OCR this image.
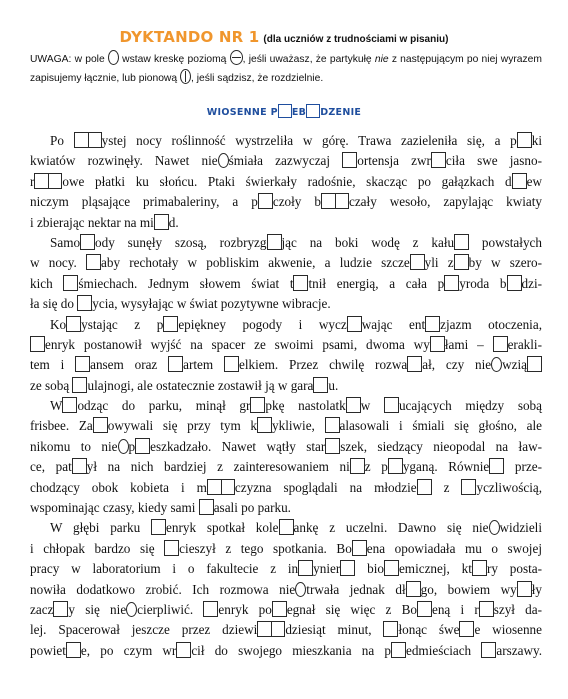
DYKTANDO NR 1 (dla uczniów z trudnościami w pisaniu)
UWAGA: w pole wstaw kreskę poziomą , jeśli uważasz, że partykułę nie z następującym po niej wyrazem zapisujemy łącznie, lub pionową , jeśli sądzisz, że rozdzielnie.
WIOSENNE P EB DZENIE
Po	ystej nocy roślinność wystrzeliła w górę. Trawa zazieleniła się, a p ki
kwiatów rozwinęły. Nawet nie śmiała zazwyczaj ortensja zwr ciła swe jasno-
r owe płatki ku słońcu. Ptaki świerkały radośnie, skacząc po gałązkach d ew
niczym pląsające primabaleriny, a p czoły b czały wesoło, zapylając kwiaty
i zbierając nektar na mi d.
Samo ody sunęły szosą, rozbryzg jąc na boki wodę z kału powstałych
w nocy. aby rechotały w pobliskim akwenie, a ludzie szcze yli z by w szero-
kich śmiechach. Jednym słowem świat t tnił energią, a cała p yroda b dzi-
ła się do ycia, wysyłając w świat pozytywne wibracje.
Ko ystając z p epiękney pogody i wycz wając ent zjazm otoczenia,
enryk postanowił wyjść na spacer ze swoimi psami, dwoma wy łami – erakli-
tem i ansem oraz artem elkiem. Przez chwilę rozwa ał, czy nie wzią
ze sobą ulajnogi, ale ostatecznie zostawił ją w gara u.
W odząc do parku, minął gr pkę nastolatk w ucających między sobą
frisbee. Za owywali się przy tym k ykliwie, alasowali i śmiali się głośno, ale
nikomu to nie p eszkadzało. Nawet wątły star szek, siedzący nieopodal na ław-
ce, pat ył na nich bardziej z zainteresowaniem ni z p yganą. Równie prze-
chodzący obok kobieta i m czyzna spoglądali na młodzie z yczliwością,
wspominając czasy, kiedy sami asali po parku.
W głębi parku enryk spotkał kole ankę z uczelni. Dawno się nie widzieli
i chłopak bardzo się cieszył z tego spotkania. Bo ena opowiadała mu o swojej
pracy w laboratorium i o fakultecie z in ynier bio emicznej, kt ry posta-
nowiła dodatkowo zrobić. Ich rozmowa nie trwała jednak dł go, bowiem wy ły
zacz y się nie cierpliwić. enryk po egnał się więc z Bo eną i r szył da-
lej. Spacerował jeszcze przez dziewi dziesiąt minut, łonąc śwe e wiosenne
powiet e, po czym wr cił do swojego mieszkania na p edmieściach arszawy.
